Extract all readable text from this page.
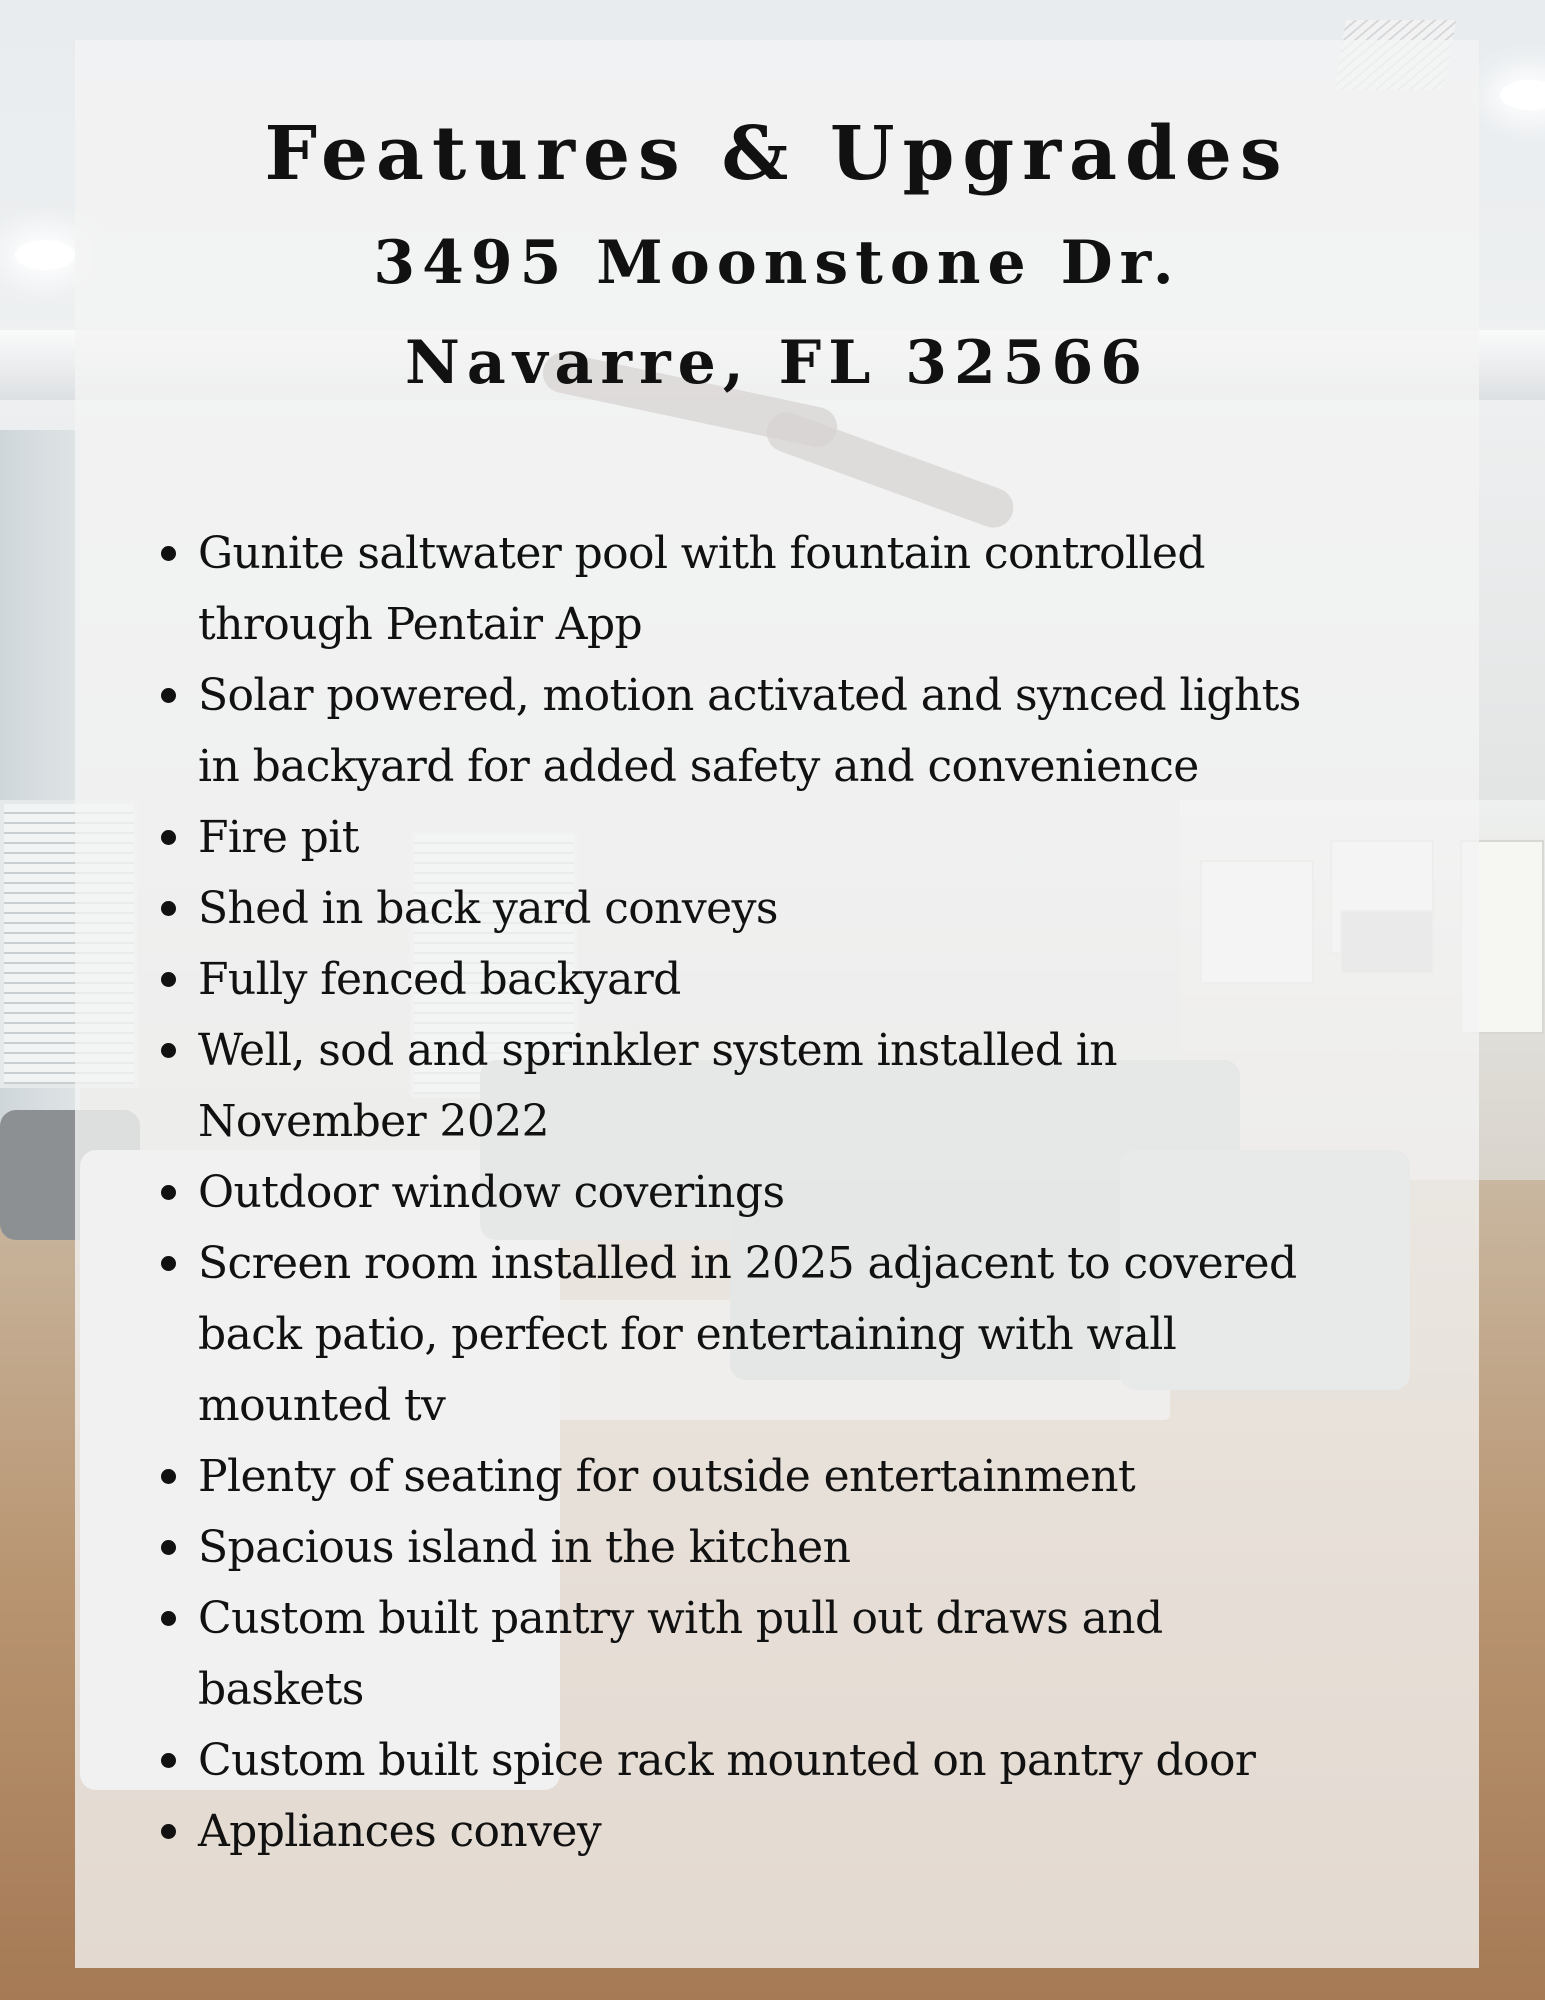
Features & Upgrades
3495 Moonstone Dr.
Navarre, FL 32566
Gunite saltwater pool with fountain controlled
through Pentair App
Solar powered, motion activated and synced lights
in backyard for added safety and convenience
Fire pit
Shed in back yard conveys
Fully fenced backyard
Well, sod and sprinkler system installed in
November 2022
Outdoor window coverings
Screen room installed in 2025 adjacent to covered
back patio, perfect for entertaining with wall
mounted tv
Plenty of seating for outside entertainment
Spacious island in the kitchen
Custom built pantry with pull out draws and
baskets
Custom built spice rack mounted on pantry door
Appliances convey
